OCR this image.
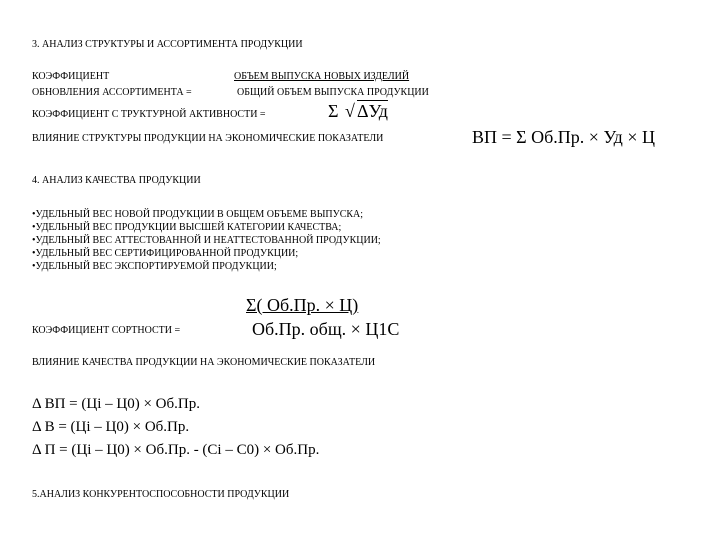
3. АНАЛИЗ СТРУКТУРЫ И АССОРТИМЕНТА ПРОДУКЦИИ
КОЭФФИЦИЕНТ	ОБЪЕМ ВЫПУСКА НОВЫХ ИЗДЕЛИЙ
ОБНОВЛЕНИЯ АССОРТИМЕНТА =	ОБЩИЙ ОБЪЕМ ВЫПУСКА ПРОДУКЦИИ
КОЭФФИЦИЕНТ С ТРУКТУРНОЙ АКТИВНОСТИ =	Σ √ ΔУд
ВЛИЯНИЕ СТРУКТУРЫ ПРОДУКЦИИ НА ЭКОНОМИЧЕСКИЕ ПОКАЗАТЕЛИ	ВП = Σ Об.Пр. × Уд × Ц
4. АНАЛИЗ КАЧЕСТВА ПРОДУКЦИИ
•УДЕЛЬНЫЙ ВЕС НОВОЙ ПРОДУКЦИИ В ОБЩЕМ ОБЪЕМЕ ВЫПУСКА;
•УДЕЛЬНЫЙ ВЕС ПРОДУКЦИИ ВЫСШЕЙ КАТЕГОРИИ КАЧЕСТВА;
•УДЕЛЬНЫЙ ВЕС АТТЕСТОВАННОЙ И НЕАТТЕСТОВАННОЙ ПРОДУКЦИИ;
•УДЕЛЬНЫЙ ВЕС СЕРТИФИЦИРОВАННОЙ ПРОДУКЦИИ;
•УДЕЛЬНЫЙ ВЕС ЭКСПОРТИРУЕМОЙ ПРОДУКЦИИ;
Σ( Об.Пр. × Ц)
КОЭФФИЦИЕНТ СОРТНОСТИ =	Об.Пр. общ. × Ц1С
ВЛИЯНИЕ КАЧЕСТВА ПРОДУКЦИИ НА ЭКОНОМИЧЕСКИЕ ПОКАЗАТЕЛИ
Δ ВП = (Цi – Ц0) × Об.Пр.
Δ В = (Цi – Ц0) × Об.Пр.
Δ П = (Цi – Ц0) × Об.Пр. - (Ci – C0) × Об.Пр.
5.АНАЛИЗ КОНКУРЕНТОСПОСОБНОСТИ ПРОДУКЦИИ
